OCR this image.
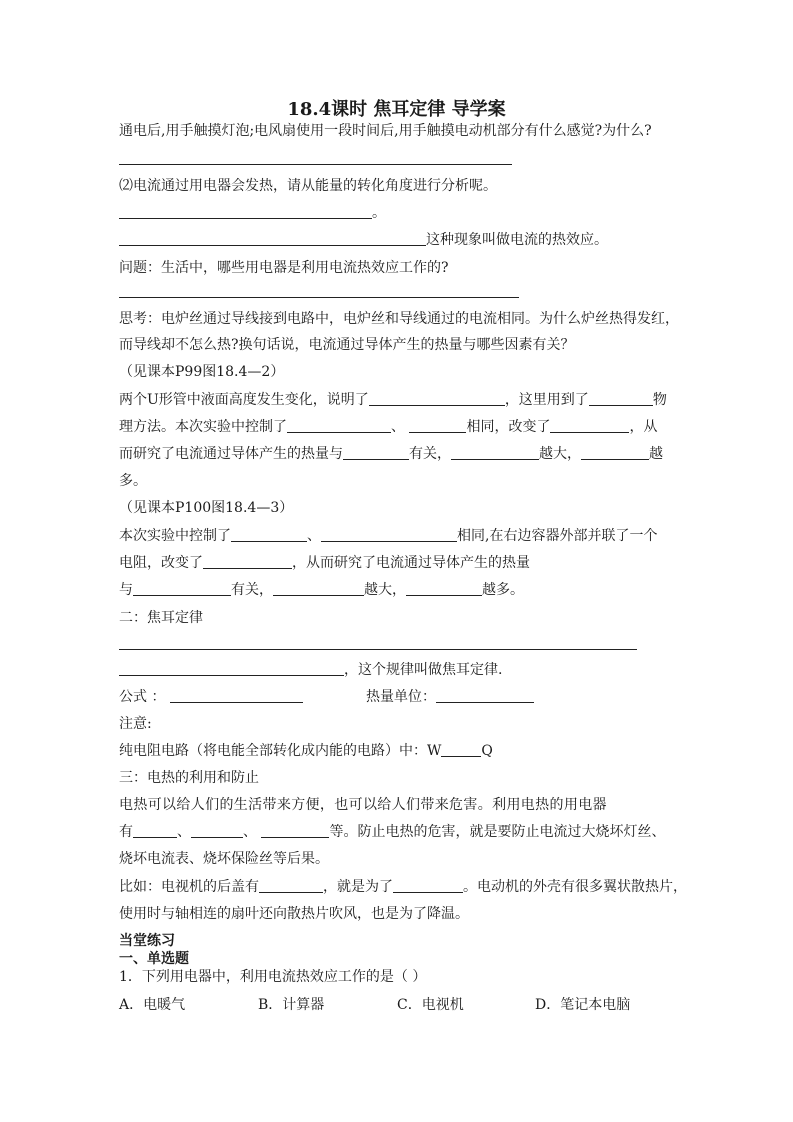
18.4课时 焦耳定律 导学案
通电后,用手触摸灯泡;电风扇使用一段时间后,用手触摸电动机部分有什么感觉?为什么?
⑵电流通过用电器会发热，请从能量的转化角度进行分析呢。
。
这种现象叫做电流的热效应。
问题：生活中，哪些用电器是利用电流热效应工作的?
思考：电炉丝通过导线接到电路中，电炉丝和导线通过的电流相同。为什么炉丝热得发红，
而导线却不怎么热?换句话说，电流通过导体产生的热量与哪些因素有关？
（见课本P99图18.4—2）
两个U形管中液面高度发生变化，说明了	，这里用到了	物
理方法。本次实验中控制了	、	相同，改变了	，从
而研究了电流通过导体产生的热量与	有关，	越大，	越
多。
（见课本P100图18.4—3）
本次实验中控制了	、	相同,在右边容器外部并联了一个
电阻，改变了	，从而研究了电流通过导体产生的热量
与	有关，	越大，	越多。
二：焦耳定律
，这个规律叫做焦耳定律.
公式 ：	热量单位：
注意:
纯电阻电路（将电能全部转化成内能的电路）中：W	Q
三：电热的利用和防止
电热可以给人们的生活带来方便，也可以给人们带来危害。利用电热的用电器
有	、	、	等。防止电热的危害，就是要防止电流过大烧坏灯丝、
烧坏电流表、烧坏保险丝等后果。
比如：电视机的后盖有	，就是为了	。电动机的外壳有很多翼状散热片，
使用时与轴相连的扇叶还向散热片吹风，也是为了降温。
当堂练习
一、单选题
1．下列用电器中，利用电流热效应工作的是（ ）
A．电暖气	B．计算器	C．电视机	D．笔记本电脑
